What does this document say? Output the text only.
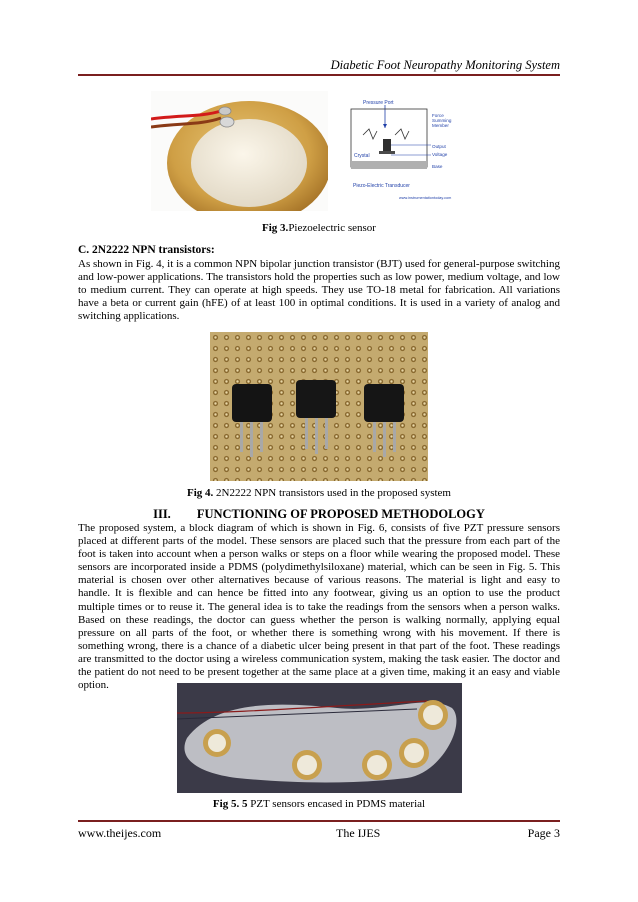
Diabetic Foot Neuropathy Monitoring System
Pressure Port
Crystal
Force
Summing
Member
Output
Voltage
Base
Piezo-Electric Transducer
www.instrumentationtoday.com
Fig 3.Piezoelectric sensor
C. 2N2222 NPN transistors:

As shown in Fig. 4, it is a common NPN bipolar junction transistor (BJT) used for general-purpose switching and low-power applications. The transistors hold the properties such as low power, medium voltage, and low to medium current. They can operate at high speeds. They use TO-18 metal for fabrication. All variations have a beta or current gain (hFE) of at least 100 in optimal conditions. It is used in a variety of analog and switching applications.

Fig 4. 2N2222 NPN transistors used in the proposed system
III. FUNCTIONING OF PROPOSED METHODOLOGY

The proposed system, a block diagram of which is shown in Fig. 6, consists of five PZT pressure sensors placed at different parts of the model. These sensors are placed such that the pressure from each part of the foot is taken into account when a person walks or steps on a floor while wearing the proposed model. These sensors are incorporated inside a PDMS (polydimethylsiloxane) material, which can be seen in Fig. 5. This material is chosen over other alternatives because of various reasons. The material is light and easy to handle. It is flexible and can hence be fitted into any footwear, giving us an option to use the product multiple times or to reuse it. The general idea is to take the readings from the sensors when a person walks. Based on these readings, the doctor can guess whether the person is walking normally, applying equal pressure on all parts of the foot, or whether there is something wrong with his movement. If there is something wrong, there is a chance of a diabetic ulcer being present in that part of the foot. These readings are transmitted to the doctor using a wireless communication system, making the task easier. The doctor and the patient do not need to be present together at the same place at a given time, making it an easy and viable option.

Fig 5. 5 PZT sensors encased in PDMS material
www.theijes.com	The IJES	Page 3
